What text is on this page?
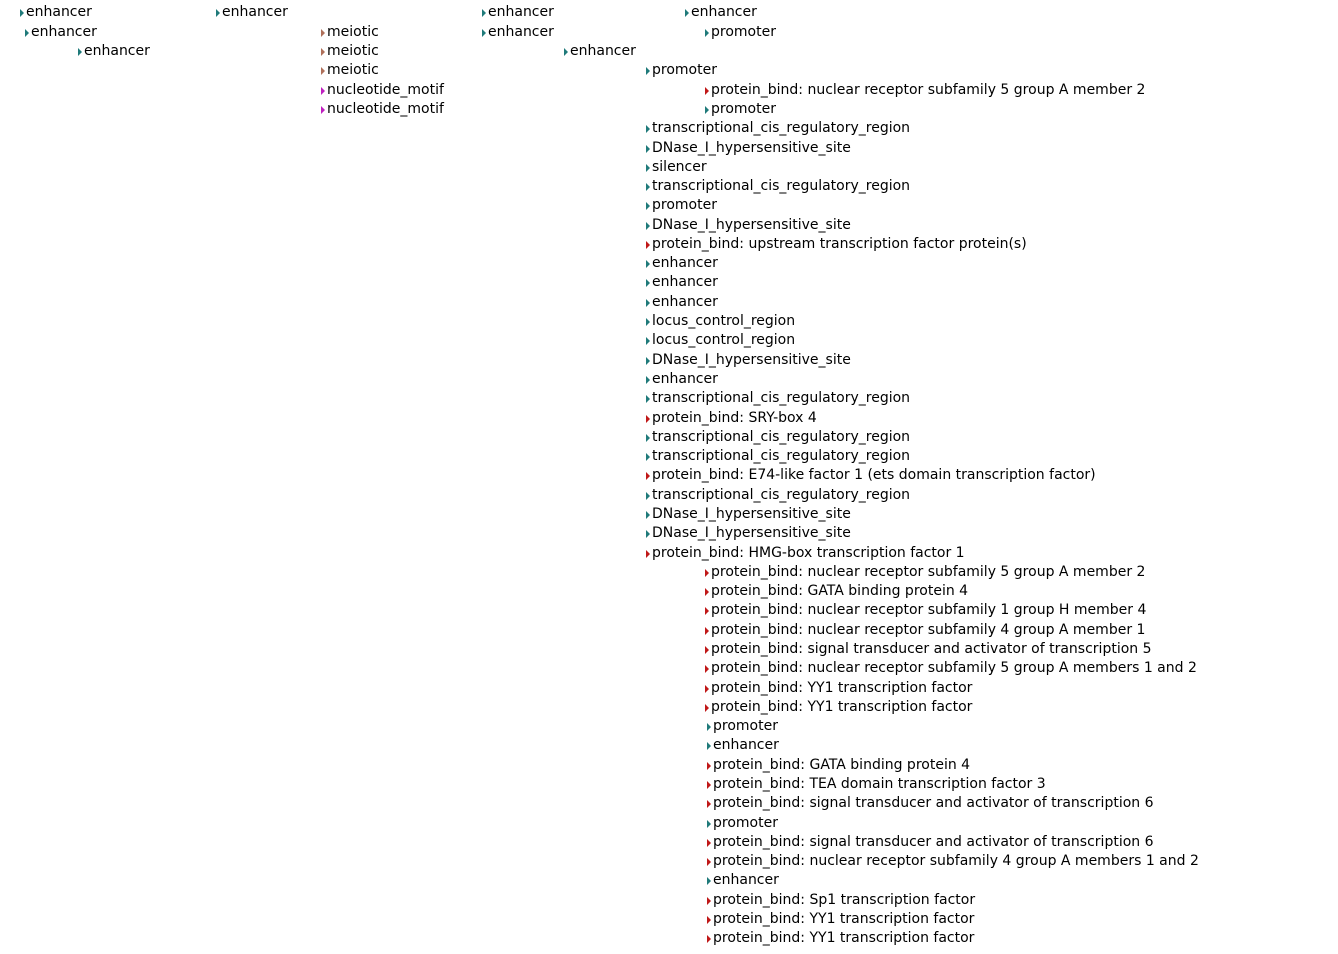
enhancer
enhancer
enhancer
enhancer
meiotic
meiotic
meiotic
nucleotide_motif
nucleotide_motif
enhancer
enhancer
enhancer
enhancer
promoter
promoter
protein_bind: nuclear receptor subfamily 5 group A member 2
promoter
transcriptional_cis_regulatory_region
DNase_I_hypersensitive_site
silencer
transcriptional_cis_regulatory_region
promoter
DNase_I_hypersensitive_site
protein_bind: upstream transcription factor protein(s)
enhancer
enhancer
enhancer
locus_control_region
locus_control_region
DNase_I_hypersensitive_site
enhancer
transcriptional_cis_regulatory_region
protein_bind: SRY-box 4
transcriptional_cis_regulatory_region
transcriptional_cis_regulatory_region
protein_bind: E74-like factor 1 (ets domain transcription factor)
transcriptional_cis_regulatory_region
DNase_I_hypersensitive_site
DNase_I_hypersensitive_site
protein_bind: HMG-box transcription factor 1
protein_bind: nuclear receptor subfamily 5 group A member 2
protein_bind: GATA binding protein 4
protein_bind: nuclear receptor subfamily 1 group H member 4
protein_bind: nuclear receptor subfamily 4 group A member 1
protein_bind: signal transducer and activator of transcription 5
protein_bind: nuclear receptor subfamily 5 group A members 1 and 2
protein_bind: YY1 transcription factor
protein_bind: YY1 transcription factor
promoter
enhancer
protein_bind: GATA binding protein 4
protein_bind: TEA domain transcription factor 3
protein_bind: signal transducer and activator of transcription 6
promoter
protein_bind: signal transducer and activator of transcription 6
protein_bind: nuclear receptor subfamily 4 group A members 1 and 2
enhancer
protein_bind: Sp1 transcription factor
protein_bind: YY1 transcription factor
protein_bind: YY1 transcription factor
